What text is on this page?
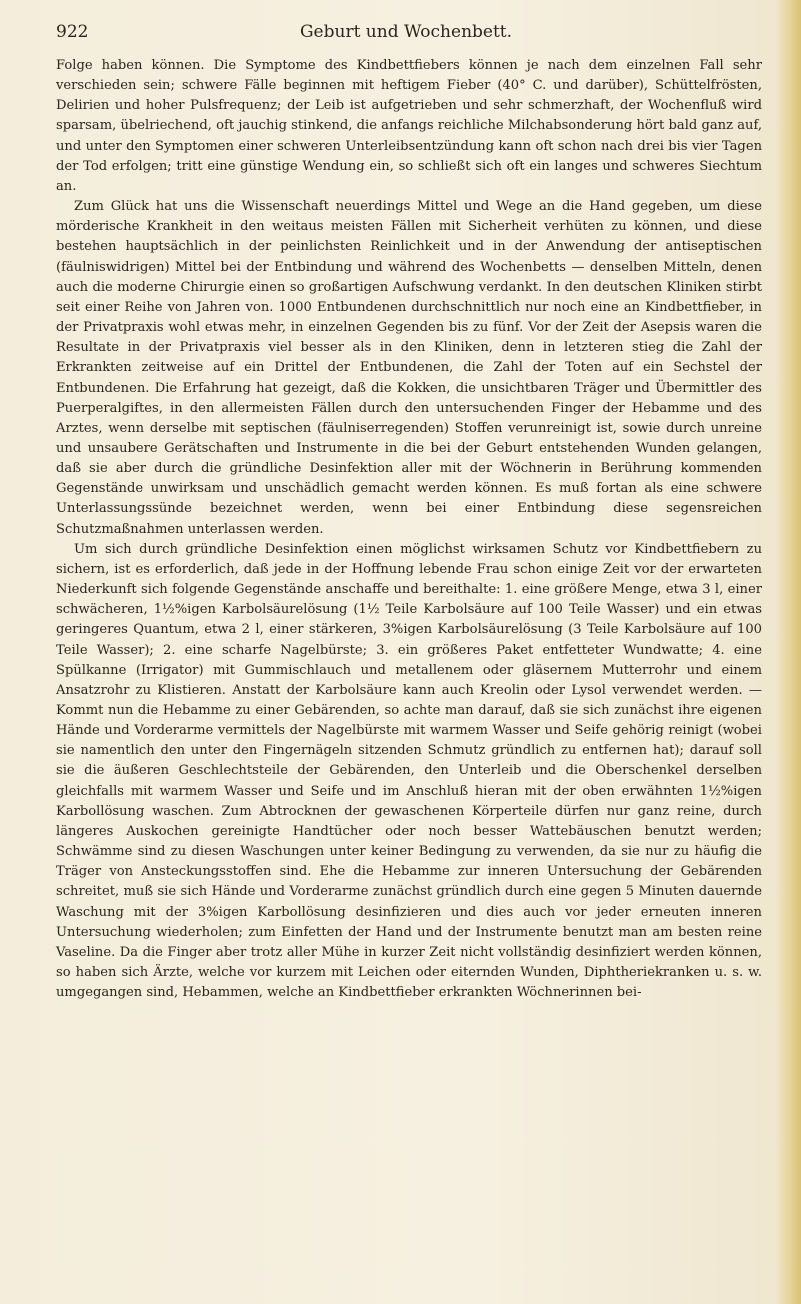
922	Geburt und Wochenbett.

Folge haben können. Die Symptome des Kindbettfiebers können je nach dem einzelnen Fall sehr verschieden sein; schwere Fälle beginnen mit heftigem Fieber (40° C. und darüber), Schüttelfrösten, Delirien und hoher Pulsfrequenz; der Leib ist aufgetrieben und sehr schmerzhaft, der Wochenfluß wird sparsam, übelriechend, oft jauchig stinkend, die anfangs reichliche Milchabsonderung hört bald ganz auf, und unter den Symptomen einer schweren Unterleibsentzündung kann oft schon nach drei bis vier Tagen der Tod erfolgen; tritt eine günstige Wendung ein, so schließt sich oft ein langes und schweres Siechtum an.

Zum Glück hat uns die Wissenschaft neuerdings Mittel und Wege an die Hand gegeben, um diese mörderische Krankheit in den weitaus meisten Fällen mit Sicherheit verhüten zu können, und diese bestehen hauptsächlich in der peinlichsten Reinlichkeit und in der Anwendung der antiseptischen (fäulniswidrigen) Mittel bei der Entbindung und während des Wochenbetts — denselben Mitteln, denen auch die moderne Chirurgie einen so großartigen Aufschwung verdankt. In den deutschen Kliniken stirbt seit einer Reihe von Jahren von. 1000 Entbundenen durchschnittlich nur noch eine an Kindbettfieber, in der Privatpraxis wohl etwas mehr, in einzelnen Gegenden bis zu fünf. Vor der Zeit der Asepsis waren die Resultate in der Privatpraxis viel besser als in den Kliniken, denn in letzteren stieg die Zahl der Erkrankten zeitweise auf ein Drittel der Entbundenen, die Zahl der Toten auf ein Sechstel der Entbundenen. Die Erfahrung hat gezeigt, daß die Kokken, die unsichtbaren Träger und Übermittler des Puerperalgiftes, in den allermeisten Fällen durch den untersuchenden Finger der Hebamme und des Arztes, wenn derselbe mit septischen (fäulniserregenden) Stoffen verunreinigt ist, sowie durch unreine und unsaubere Gerätschaften und Instrumente in die bei der Geburt entstehenden Wunden gelangen, daß sie aber durch die gründliche Desinfektion aller mit der Wöchnerin in Berührung kommenden Gegenstände unwirksam und unschädlich gemacht werden können. Es muß fortan als eine schwere Unterlassungssünde bezeichnet werden, wenn bei einer Entbindung diese segensreichen Schutzmaßnahmen unterlassen werden.

Um sich durch gründliche Desinfektion einen möglichst wirksamen Schutz vor Kindbettfiebern zu sichern, ist es erforderlich, daß jede in der Hoffnung lebende Frau schon einige Zeit vor der erwarteten Niederkunft sich folgende Gegenstände anschaffe und bereithalte: 1. eine größere Menge, etwa 3 l, einer schwächeren, 1½%igen Karbolsäurelösung (1½ Teile Karbolsäure auf 100 Teile Wasser) und ein etwas geringeres Quantum, etwa 2 l, einer stärkeren, 3%igen Karbolsäurelösung (3 Teile Karbolsäure auf 100 Teile Wasser); 2. eine scharfe Nagelbürste; 3. ein größeres Paket entfetteter Wundwatte; 4. eine Spülkanne (Irrigator) mit Gummischlauch und metallenem oder gläsernem Mutterrohr und einem Ansatzrohr zu Klistieren. Anstatt der Karbolsäure kann auch Kreolin oder Lysol verwendet werden. — Kommt nun die Hebamme zu einer Gebärenden, so achte man darauf, daß sie sich zunächst ihre eigenen Hände und Vorderarme vermittels der Nagelbürste mit warmem Wasser und Seife gehörig reinigt (wobei sie namentlich den unter den Fingernägeln sitzenden Schmutz gründlich zu entfernen hat); darauf soll sie die äußeren Geschlechtsteile der Gebärenden, den Unterleib und die Oberschenkel derselben gleichfalls mit warmem Wasser und Seife und im Anschluß hieran mit der oben erwähnten 1½%igen Karbollösung waschen. Zum Abtrocknen der gewaschenen Körperteile dürfen nur ganz reine, durch längeres Auskochen gereinigte Handtücher oder noch besser Wattebäuschen benutzt werden; Schwämme sind zu diesen Waschungen unter keiner Bedingung zu verwenden, da sie nur zu häufig die Träger von Ansteckungsstoffen sind. Ehe die Hebamme zur inneren Untersuchung der Gebärenden schreitet, muß sie sich Hände und Vorderarme zunächst gründlich durch eine gegen 5 Minuten dauernde Waschung mit der 3%igen Karbollösung desinfizieren und dies auch vor jeder erneuten inneren Untersuchung wiederholen; zum Einfetten der Hand und der Instrumente benutzt man am besten reine Vaseline. Da die Finger aber trotz aller Mühe in kurzer Zeit nicht vollständig desinfiziert werden können, so haben sich Ärzte, welche vor kurzem mit Leichen oder eiternden Wunden, Diphtheriekranken u. s. w. umgegangen sind, Hebammen, welche an Kindbettfieber erkrankten Wöchnerinnen bei-
